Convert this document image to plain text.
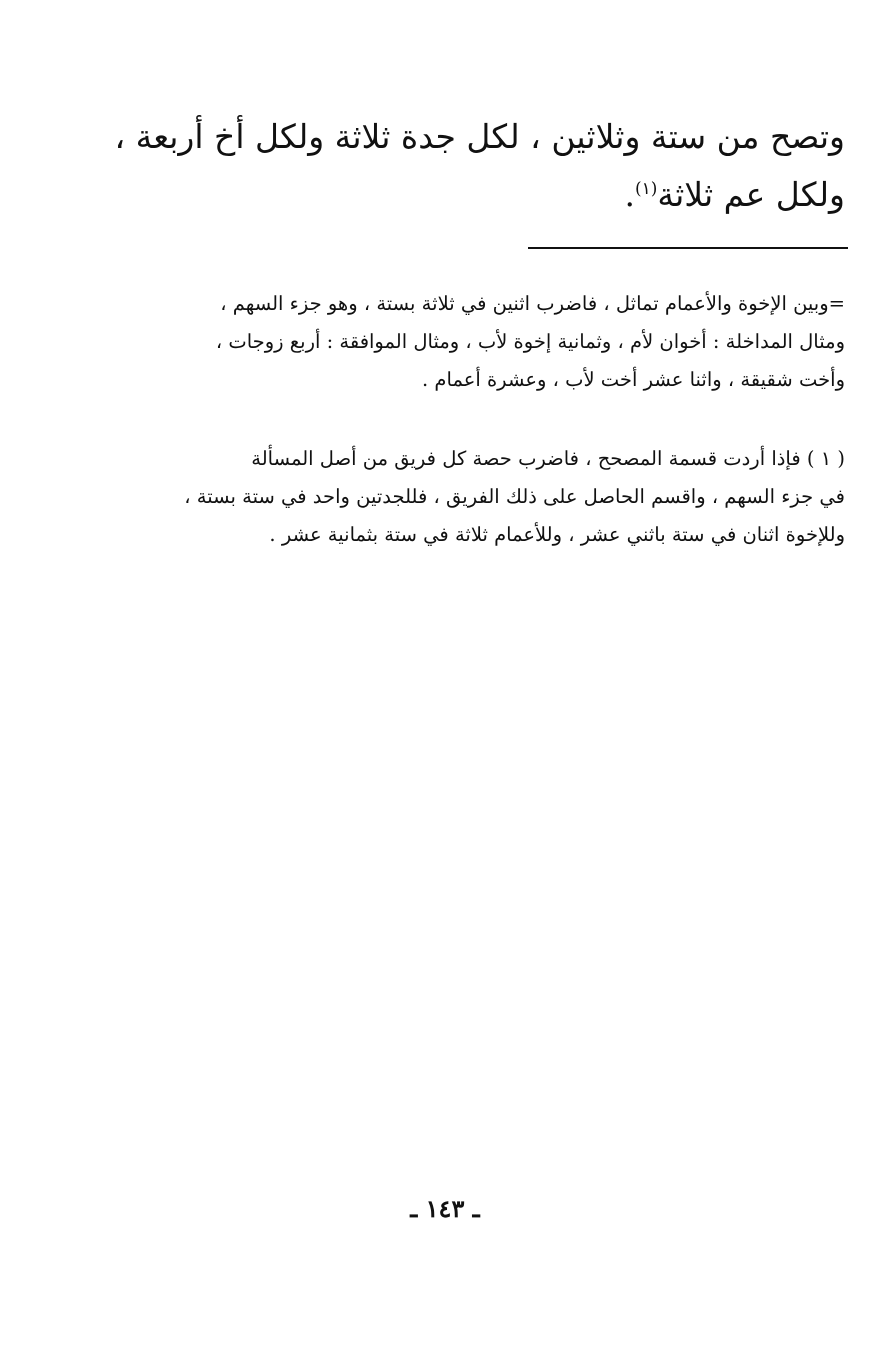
وتصح من ستة وثلاثين ، لكل جدة ثلاثة ولكل أخ أربعة ،
ولكل عم ثلاثة$^{(١)}$.
=وبين الإخوة والأعمام تماثل ، فاضرب اثنين في ثلاثة بستة ، وهو جزء السهم ،
ومثال المداخلة : أخوان لأم ، وثمانية إخوة لأب ، ومثال الموافقة : أربع زوجات ،
وأخت شقيقة ، واثنا عشر أخت لأب ، وعشرة أعمام .
( ١ ) فإذا أردت قسمة المصحح ، فاضرب حصة كل فريق من أصل المسألة
في جزء السهم ، واقسم الحاصل على ذلك الفريق ، فللجدتين واحد في ستة بستة ،
وللإخوة اثنان في ستة باثني عشر ، وللأعمام ثلاثة في ستة بثمانية عشر .
ـ ١٤٣ ـ
